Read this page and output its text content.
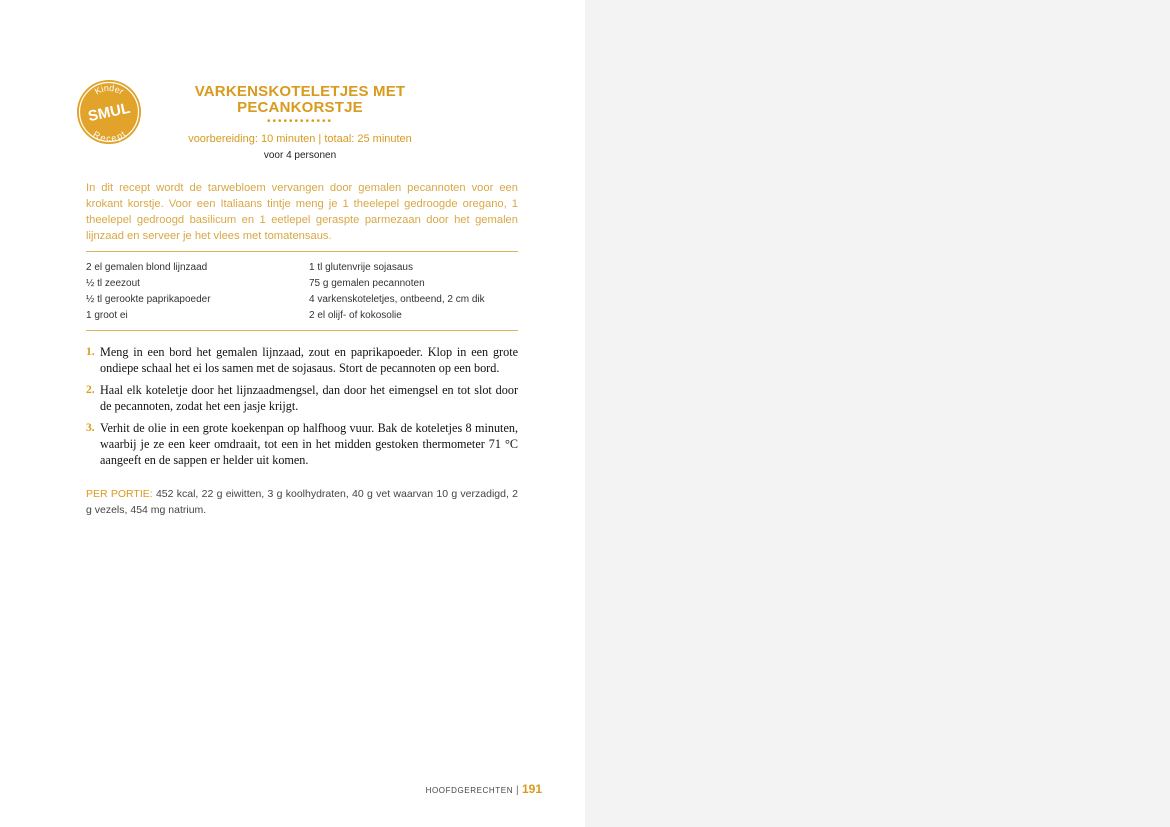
Kinder
SMUL
Recept
VARKENSKOTELETJES MET
PECANKORSTJE
••••••••••••
voorbereiding: 10 minuten | totaal: 25 minuten
voor 4 personen
In dit recept wordt de tarwebloem vervangen door gemalen pecannoten voor een krokant korstje. Voor een Italiaans tintje meng je 1 theelepel gedroogde oregano, 1 theelepel gedroogd basilicum en 1 eetlepel geraspte parmezaan door het gemalen lijnzaad en serveer je het vlees met tomatensaus.
2 el gemalen blond lijnzaad
½ tl zeezout
½ tl gerookte paprikapoeder
1 groot ei
1 tl glutenvrije sojasaus
75 g gemalen pecannoten
4 varkenskoteletjes, ontbeend, 2 cm dik
2 el olijf- of kokosolie
1. Meng in een bord het gemalen lijnzaad, zout en paprikapoeder. Klop in een grote ondiepe schaal het ei los samen met de sojasaus. Stort de pecannoten op een bord.
2. Haal elk koteletje door het lijnzaadmengsel, dan door het eimengsel en tot slot door de pecannoten, zodat het een jasje krijgt.
3. Verhit de olie in een grote koekenpan op halfhoog vuur. Bak de koteletjes 8 minuten, waarbij je ze een keer omdraait, tot een in het midden gestoken thermometer 71 °C aangeeft en de sappen er helder uit komen.
PER PORTIE: 452 kcal, 22 g eiwitten, 3 g koolhydraten, 40 g vet waarvan 10 g verzadigd, 2 g vezels, 454 mg natrium.
HOOFDGERECHTEN | 191
